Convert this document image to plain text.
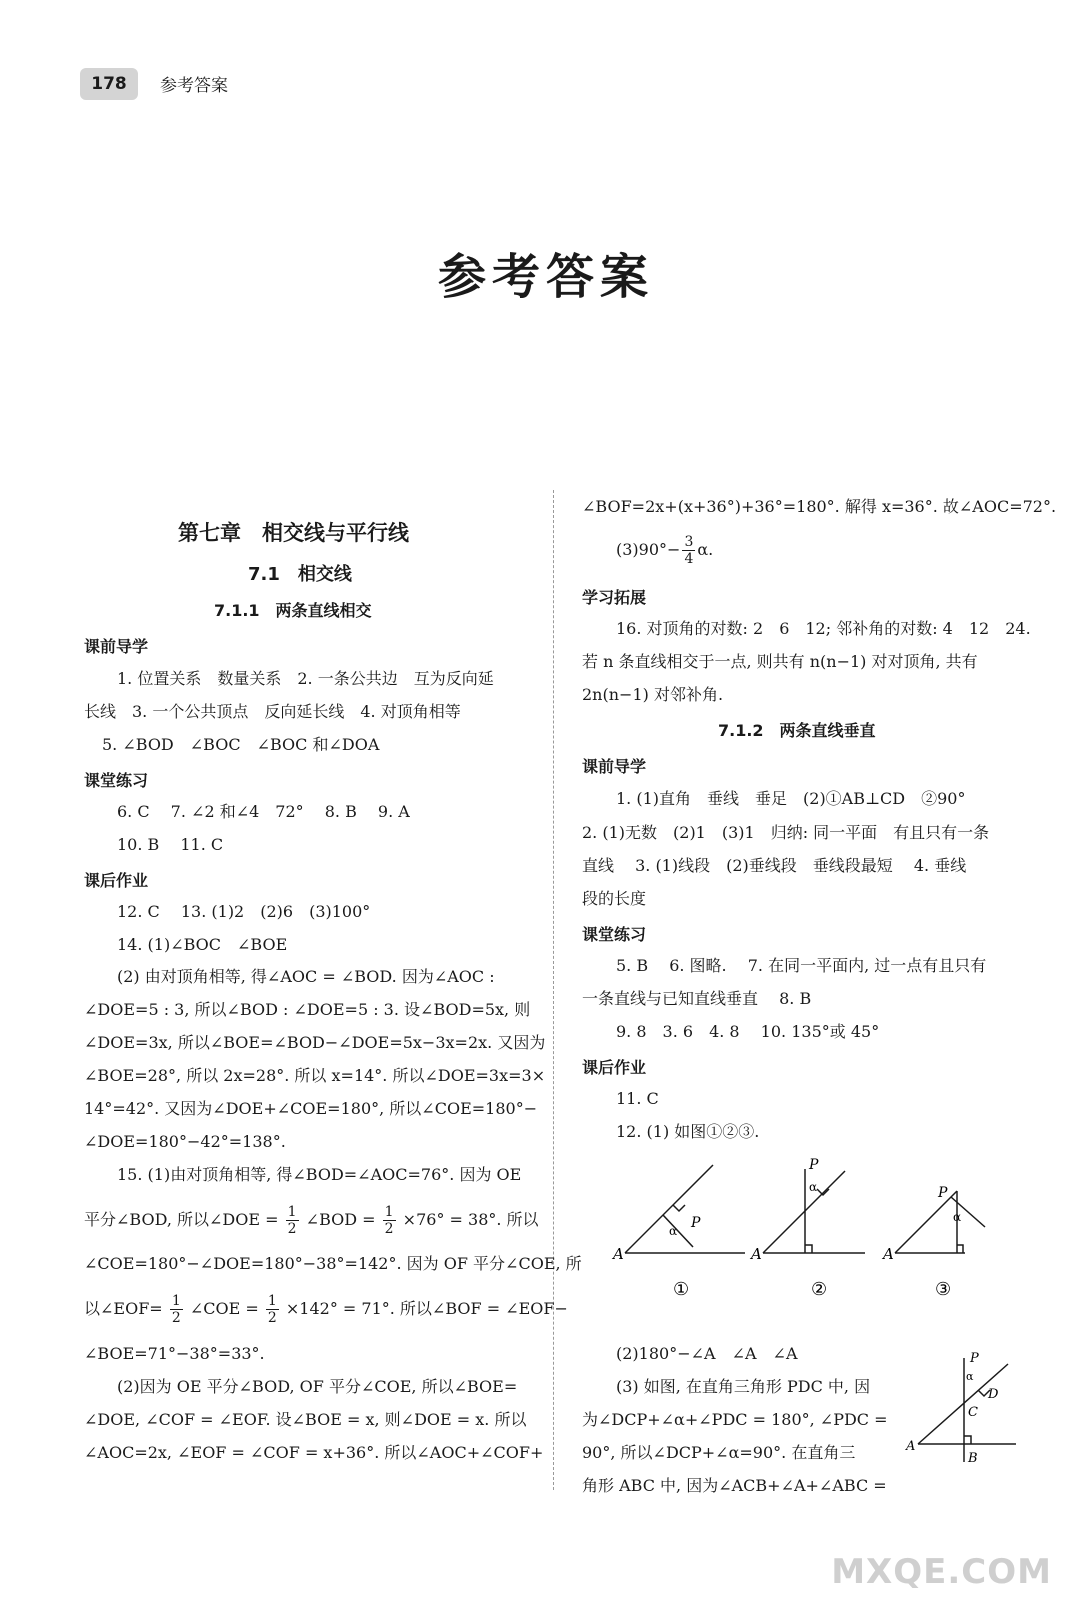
178	参考答案
参考答案
第七章　相交线与平行线
7.1　相交线
7.1.1　两条直线相交
课前导学
1. 位置关系　数量关系　2. 一条公共边　互为反向延
长线　3. 一个公共顶点　反向延长线　4. 对顶角相等
5. ∠BOD　∠BOC　∠BOC 和∠DOA
课堂练习
6. C　 7. ∠2 和∠4　72°　 8. B　 9. A
10. B　 11. C
课后作业
12. C　 13. (1)2　(2)6　(3)100°
14. (1)∠BOC　∠BOE
(2) 由对顶角相等, 得∠AOC = ∠BOD. 因为∠AOC :
∠DOE=5 : 3, 所以∠BOD : ∠DOE=5 : 3. 设∠BOD=5x, 则
∠DOE=3x, 所以∠BOE=∠BOD−∠DOE=5x−3x=2x. 又因为
∠BOE=28°, 所以 2x=28°. 所以 x=14°. 所以∠DOE=3x=3×
14°=42°. 又因为∠DOE+∠COE=180°, 所以∠COE=180°−
∠DOE=180°−42°=138°.
15. (1)由对顶角相等, 得∠BOD=∠AOC=76°. 因为 OE
平分∠BOD, 所以∠DOE = $\frac{1}{2}$ ∠BOD = $\frac{1}{2} \times 76^\circ = 38^\circ$. 所以
∠COE=180°−∠DOE=180°−38°=142°. 因为 OF 平分∠COE, 所
以∠EOF= $\frac{1}{2}$ ∠COE = $\frac{1}{2} \times 142^\circ = 71^\circ$. 所以∠BOF = ∠EOF−
∠BOE=71°−38°=33°.
(2)因为 OE 平分∠BOD, OF 平分∠COE, 所以∠BOE=
∠DOE, ∠COF = ∠EOF. 设∠BOE = x, 则∠DOE = x. 所以
∠AOC=2x, ∠EOF = ∠COF = x+36°. 所以∠AOC+∠COF+
∠BOF=2x+(x+36°)+36°=180°. 解得 x=36°. 故∠AOC=72°.
$(3)90^\circ- \frac{3}{4} \alpha$.
学习拓展
16. 对顶角的对数: 2　6　12; 邻补角的对数: 4　12　24.
若 n 条直线相交于一点, 则共有 n(n−1) 对对顶角, 共有
2n(n−1) 对邻补角.
7.1.2　两条直线垂直
课前导学
1. (1)直角　垂线　垂足　(2)①AB⊥CD　②90°
2. (1)无数　(2)1　(3)1　归纳: 同一平面　有且只有一条
直线　 3. (1)线段　(2)垂线段　垂线段最短　 4. 垂线
段的长度
课堂练习
5. B　 6. 图略.　 7. 在同一平面内, 过一点有且只有
一条直线与已知直线垂直　 8. B
9. 8　3. 6　4. 8　 10. 135°或 45°
课后作业
11. C
12. (1) 如图①②③.
A
P
α
①
A
P
α
②
A
P
α
③
(2)180°−∠A　∠A　∠A
(3) 如图, 在直角三角形 PDC 中, 因
为∠DCP+∠α+∠PDC = 180°, ∠PDC =
90°, 所以∠DCP+∠α=90°. 在直角三
角形 ABC 中, 因为∠ACB+∠A+∠ABC =
P
α
D
C
A
B
MXQE.COM
